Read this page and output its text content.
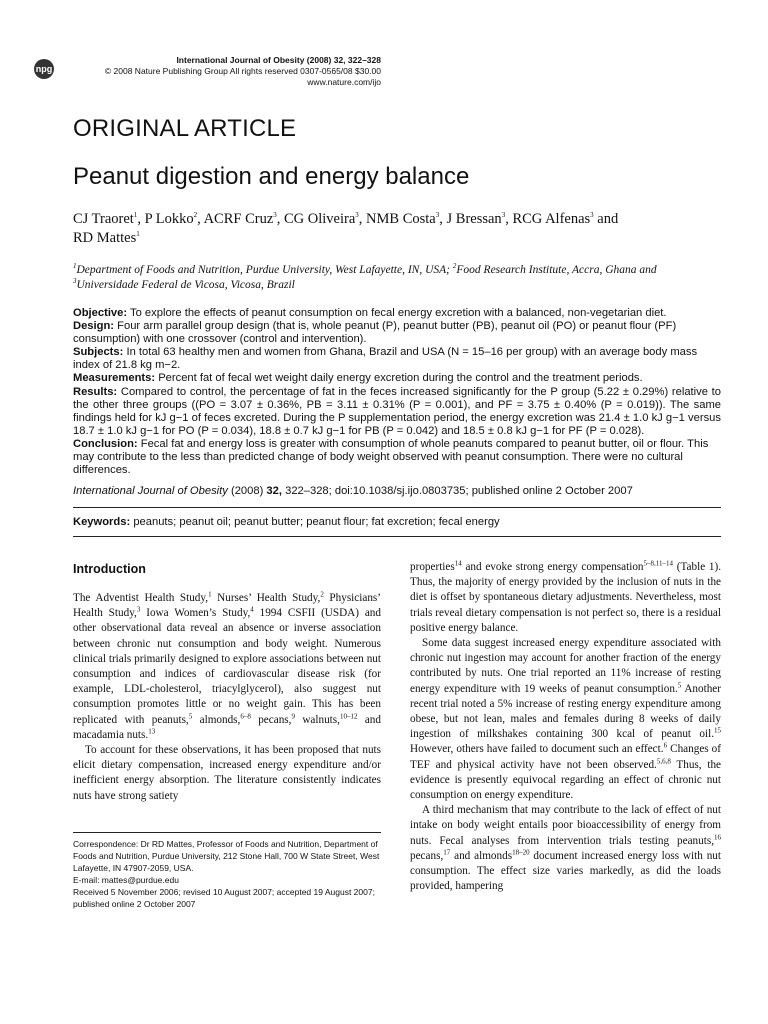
npg
International Journal of Obesity (2008) 32, 322–328
© 2008 Nature Publishing Group All rights reserved 0307-0565/08 $30.00
www.nature.com/ijo
ORIGINAL ARTICLE
Peanut digestion and energy balance
CJ Traoret$^1$, P Lokko$^2$, ACRF Cruz$^3$, CG Oliveira$^3$, NMB Costa$^3$, J Bressan$^3$, RCG Alfenas$^3$ and
RD Mattes$^1$
$^1$Department of Foods and Nutrition, Purdue University, West Lafayette, IN, USA; $^2$Food Research Institute, Accra, Ghana and $^3$Universidade Federal de Vicosa, Vicosa, Brazil

Objective: To explore the effects of peanut consumption on fecal energy excretion with a balanced, non-vegetarian diet.

Design: Four arm parallel group design (that is, whole peanut (P), peanut butter (PB), peanut oil (PO) or peanut flour (PF) consumption) with one crossover (control and intervention).

Subjects: In total 63 healthy men and women from Ghana, Brazil and USA (N = 15–16 per group) with an average body mass index of 21.8 kg m−2.

Measurements: Percent fat of fecal wet weight daily energy excretion during the control and the treatment periods.

Results: Compared to control, the percentage of fat in the feces increased significantly for the P group (5.22 ± 0.29%) relative to the other three groups ((PO = 3.07 ± 0.36%, PB = 3.11 ± 0.31% (P = 0.001), and PF = 3.75 ± 0.40% (P = 0.019)). The same findings held for kJ g−1 of feces excreted. During the P supplementation period, the energy excretion was 21.4 ± 1.0 kJ g−1 versus 18.7 ± 1.0 kJ g−1 for PO (P = 0.034), 18.8 ± 0.7 kJ g−1 for PB (P = 0.042) and 18.5 ± 0.8 kJ g−1 for PF (P = 0.028).

Conclusion: Fecal fat and energy loss is greater with consumption of whole peanuts compared to peanut butter, oil or flour. This may contribute to the less than predicted change of body weight observed with peanut consumption. There were no cultural differences.

International Journal of Obesity (2008) 32, 322–328; doi:10.1038/sj.ijo.0803735; published online 2 October 2007
Keywords: peanuts; peanut oil; peanut butter; peanut flour; fat excretion; fecal energy
Introduction

The Adventist Health Study,$^1$ Nurses’ Health Study,$^2$ Physicians’ Health Study,$^3$ Iowa Women’s Study,$^4$ 1994 CSFII (USDA) and other observational data reveal an absence or inverse association between chronic nut consumption and body weight. Numerous clinical trials primarily designed to explore associations between nut consumption and indices of cardiovascular disease risk (for example, LDL-cholesterol, triacylglycerol), also suggest nut consumption promotes little or no weight gain. This has been replicated with peanuts,$^5$ almonds,$^{6-8}$ pecans,$^9$ walnuts,$^{10-12}$ and macadamia nuts.$^{13}$

To account for these observations, it has been proposed that nuts elicit dietary compensation, increased energy expenditure and/or inefficient energy absorption. The literature consistently indicates nuts have strong satiety

properties$^{14}$ and evoke strong energy compensation$^{5-8,11-14}$ (Table 1). Thus, the majority of energy provided by the inclusion of nuts in the diet is offset by spontaneous dietary adjustments. Nevertheless, most trials reveal dietary compensation is not perfect so, there is a residual positive energy balance.

Some data suggest increased energy expenditure associated with chronic nut ingestion may account for another fraction of the energy contributed by nuts. One trial reported an 11% increase of resting energy expenditure with 19 weeks of peanut consumption.$^5$ Another recent trial noted a 5% increase of resting energy expenditure among obese, but not lean, males and females during 8 weeks of daily ingestion of milkshakes containing 300 kcal of peanut oil.$^{15}$ However, others have failed to document such an effect.$^6$ Changes of TEF and physical activity have not been observed.$^{5,6,8}$ Thus, the evidence is presently equivocal regarding an effect of chronic nut consumption on energy expenditure.

A third mechanism that may contribute to the lack of effect of nut intake on body weight entails poor bioaccessibility of energy from nuts. Fecal analyses from intervention trials testing peanuts,$^{16}$ pecans,$^{17}$ and almonds$^{18-20}$ document increased energy loss with nut consumption. The effect size varies markedly, as did the loads provided, hampering

Correspondence: Dr RD Mattes, Professor of Foods and Nutrition, Department of Foods and Nutrition, Purdue University, 212 Stone Hall, 700 W State Street, West Lafayette, IN 47907-2059, USA.
E-mail: mattes@purdue.edu
Received 5 November 2006; revised 10 August 2007; accepted 19 August 2007; published online 2 October 2007
